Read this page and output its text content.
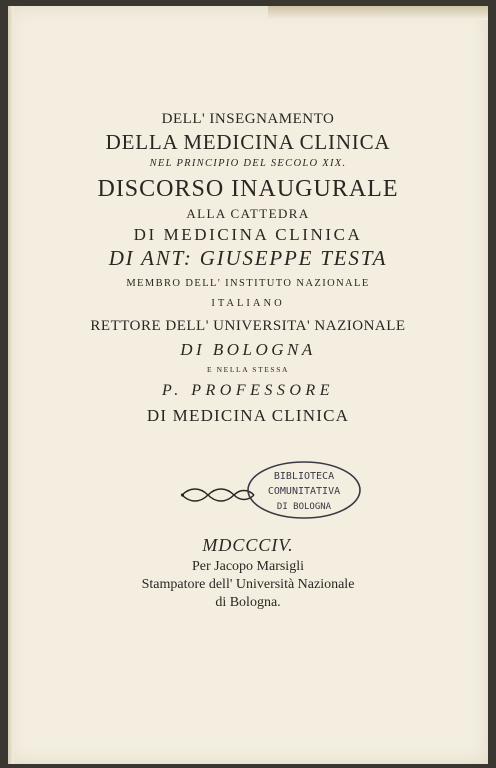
DELL' INSEGNAMENTO
DELLA MEDICINA CLINICA
NEL PRINCIPIO DEL SECOLO XIX.
DISCORSO INAUGURALE
ALLA CATTEDRA
DI MEDICINA CLINICA
DI ANT: GIUSEPPE TESTA
MEMBRO DELL' INSTITUTO NAZIONALE
ITALIANO
RETTORE DELL' UNIVERSITA' NAZIONALE
DI BOLOGNA
E NELLA STESSA
P. PROFESSORE
DI MEDICINA CLINICA
BIBLIOTECA
COMUNITATIVA
DI BOLOGNA
MDCCCIV.
Per Jacopo Marsigli
Stampatore dell' Università Nazionale
di Bologna.
